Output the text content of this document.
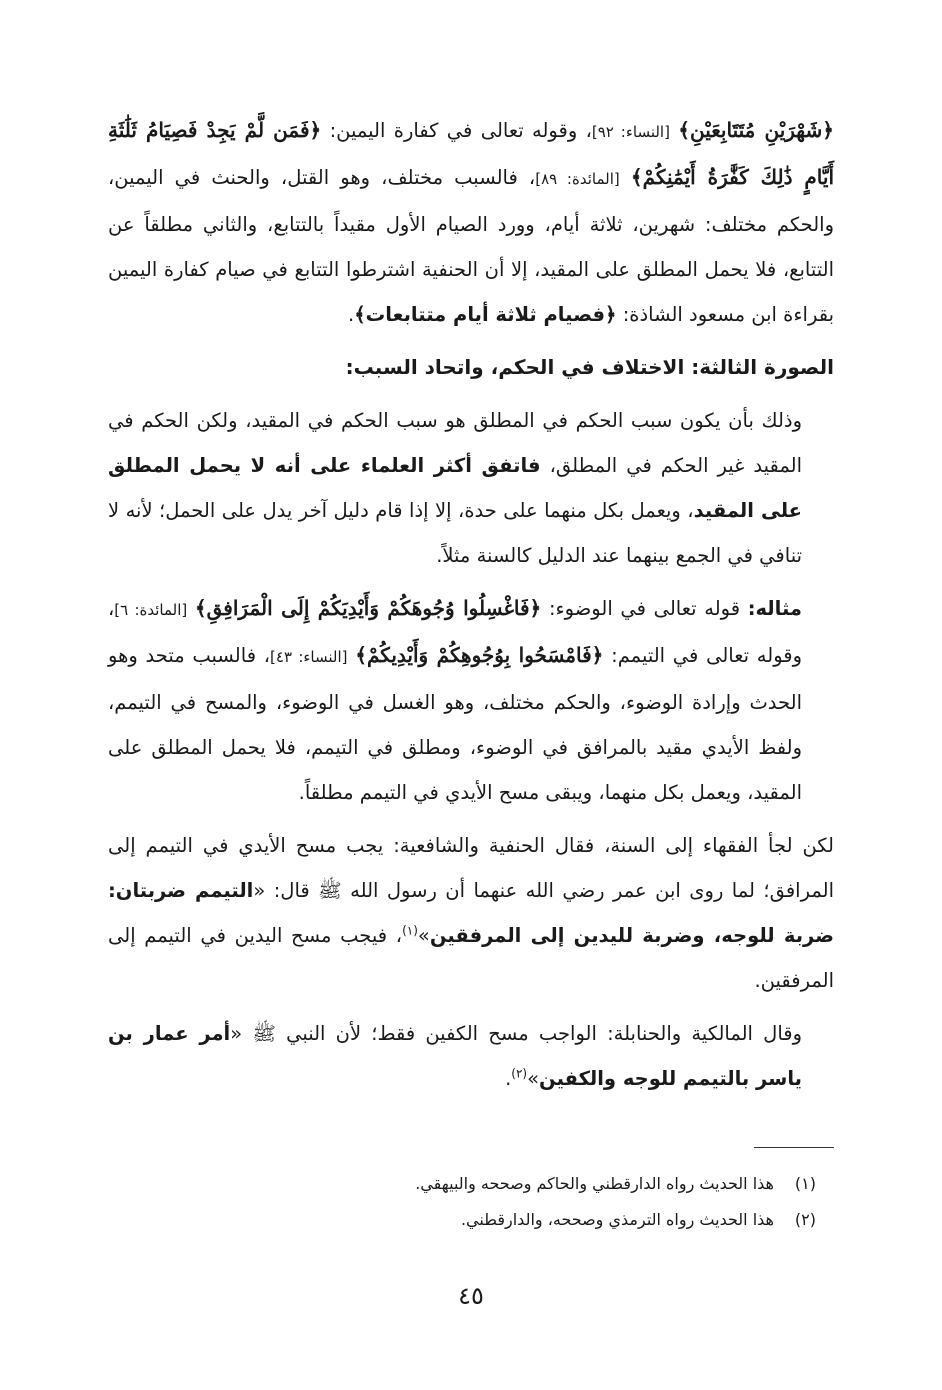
﴿شَهْرَيْنِ مُتَتَابِعَيْنِ﴾ [النساء: ٩٢]، وقوله تعالى في كفارة اليمين: ﴿فَمَن لَّمْ يَجِدْ فَصِيَامُ ثَلَٰثَةِ أَيَّامٍ ذَٰلِكَ كَفَّٰرَةُ أَيْمَٰنِكُمْ﴾ [المائدة: ٨٩]، فالسبب مختلف، وهو القتل، والحنث في اليمين، والحكم مختلف: شهرين، ثلاثة أيام، وورد الصيام الأول مقيداً بالتتابع، والثاني مطلقاً عن التتابع، فلا يحمل المطلق على المقيد، إلا أن الحنفية اشترطوا التتابع في صيام كفارة اليمين بقراءة ابن مسعود الشاذة: ﴿فصيام ثلاثة أيام متتابعات﴾.

الصورة الثالثة: الاختلاف في الحكم، واتحاد السبب:

وذلك بأن يكون سبب الحكم في المطلق هو سبب الحكم في المقيد، ولكن الحكم في المقيد غير الحكم في المطلق، فاتفق أكثر العلماء على أنه لا يحمل المطلق على المقيد، ويعمل بكل منهما على حدة، إلا إذا قام دليل آخر يدل على الحمل؛ لأنه لا تنافي في الجمع بينهما عند الدليل كالسنة مثلاً.

مثاله: قوله تعالى في الوضوء: ﴿فَاغْسِلُوا وُجُوهَكُمْ وَأَيْدِيَكُمْ إِلَى الْمَرَافِقِ﴾ [المائدة: ٦]، وقوله تعالى في التيمم: ﴿فَامْسَحُوا بِوُجُوهِكُمْ وَأَيْدِيكُمْ﴾ [النساء: ٤٣]، فالسبب متحد وهو الحدث وإرادة الوضوء، والحكم مختلف، وهو الغسل في الوضوء، والمسح في التيمم، ولفظ الأيدي مقيد بالمرافق في الوضوء، ومطلق في التيمم، فلا يحمل المطلق على المقيد، ويعمل بكل منهما، ويبقى مسح الأيدي في التيمم مطلقاً.

لكن لجأ الفقهاء إلى السنة، فقال الحنفية والشافعية: يجب مسح الأيدي في التيمم إلى المرافق؛ لما روى ابن عمر رضي الله عنهما أن رسول الله ﷺ قال: «التيمم ضربتان: ضربة للوجه، وضربة لليدين إلى المرفقين»$^{(١)}$، فيجب مسح اليدين في التيمم إلى المرفقين.

وقال المالكية والحنابلة: الواجب مسح الكفين فقط؛ لأن النبي ﷺ «أمر عمار بن ياسر بالتيمم للوجه والكفين»$^{(٢)}$.

(١)هذا الحديث رواه الدارقطني والحاكم وصححه والبيهقي.

(٢)هذا الحديث رواه الترمذي وصححه، والدارقطني.

٤٥
